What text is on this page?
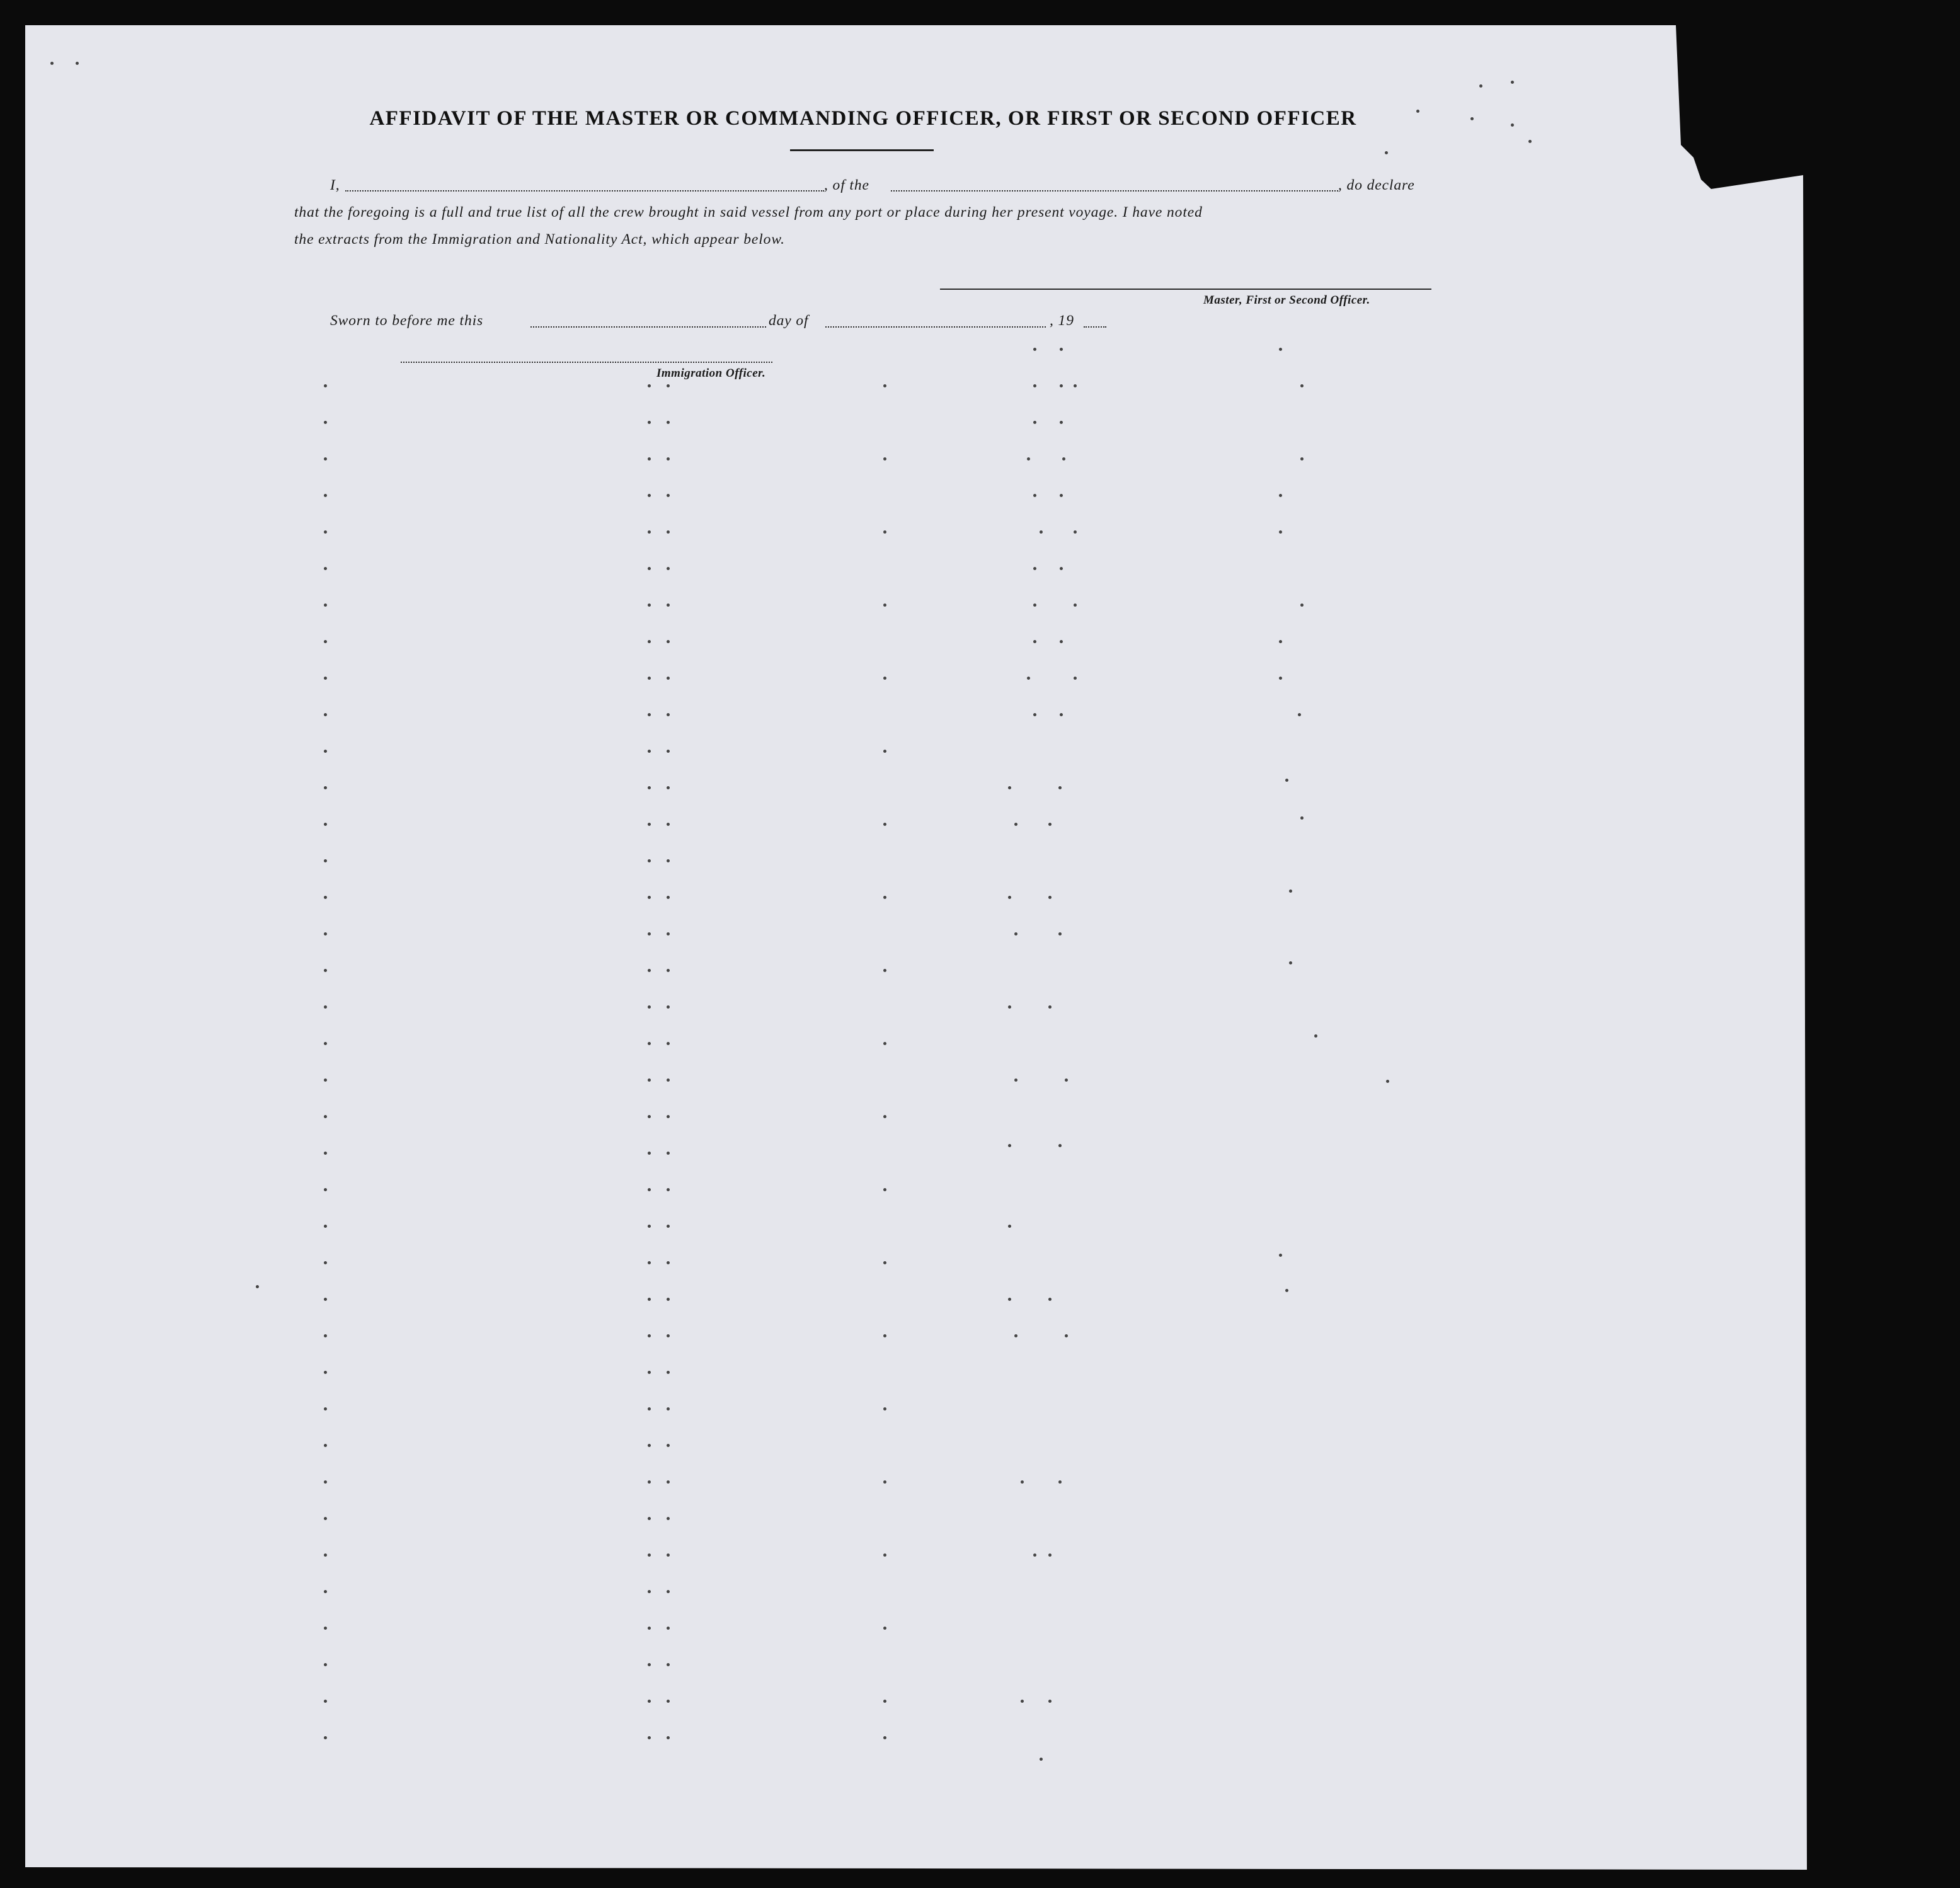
AFFIDAVIT OF THE MASTER OR COMMANDING OFFICER, OR FIRST OR SECOND OFFICER

I,	, of the	, do declare

that the foregoing is a full and true list of all the crew brought in said vessel from any port or place during her present voyage. I have noted

the extracts from the Immigration and Nationality Act, which appear below.

Master, First or Second Officer.

Sworn to before me this	day of	, 19

Immigration Officer.
